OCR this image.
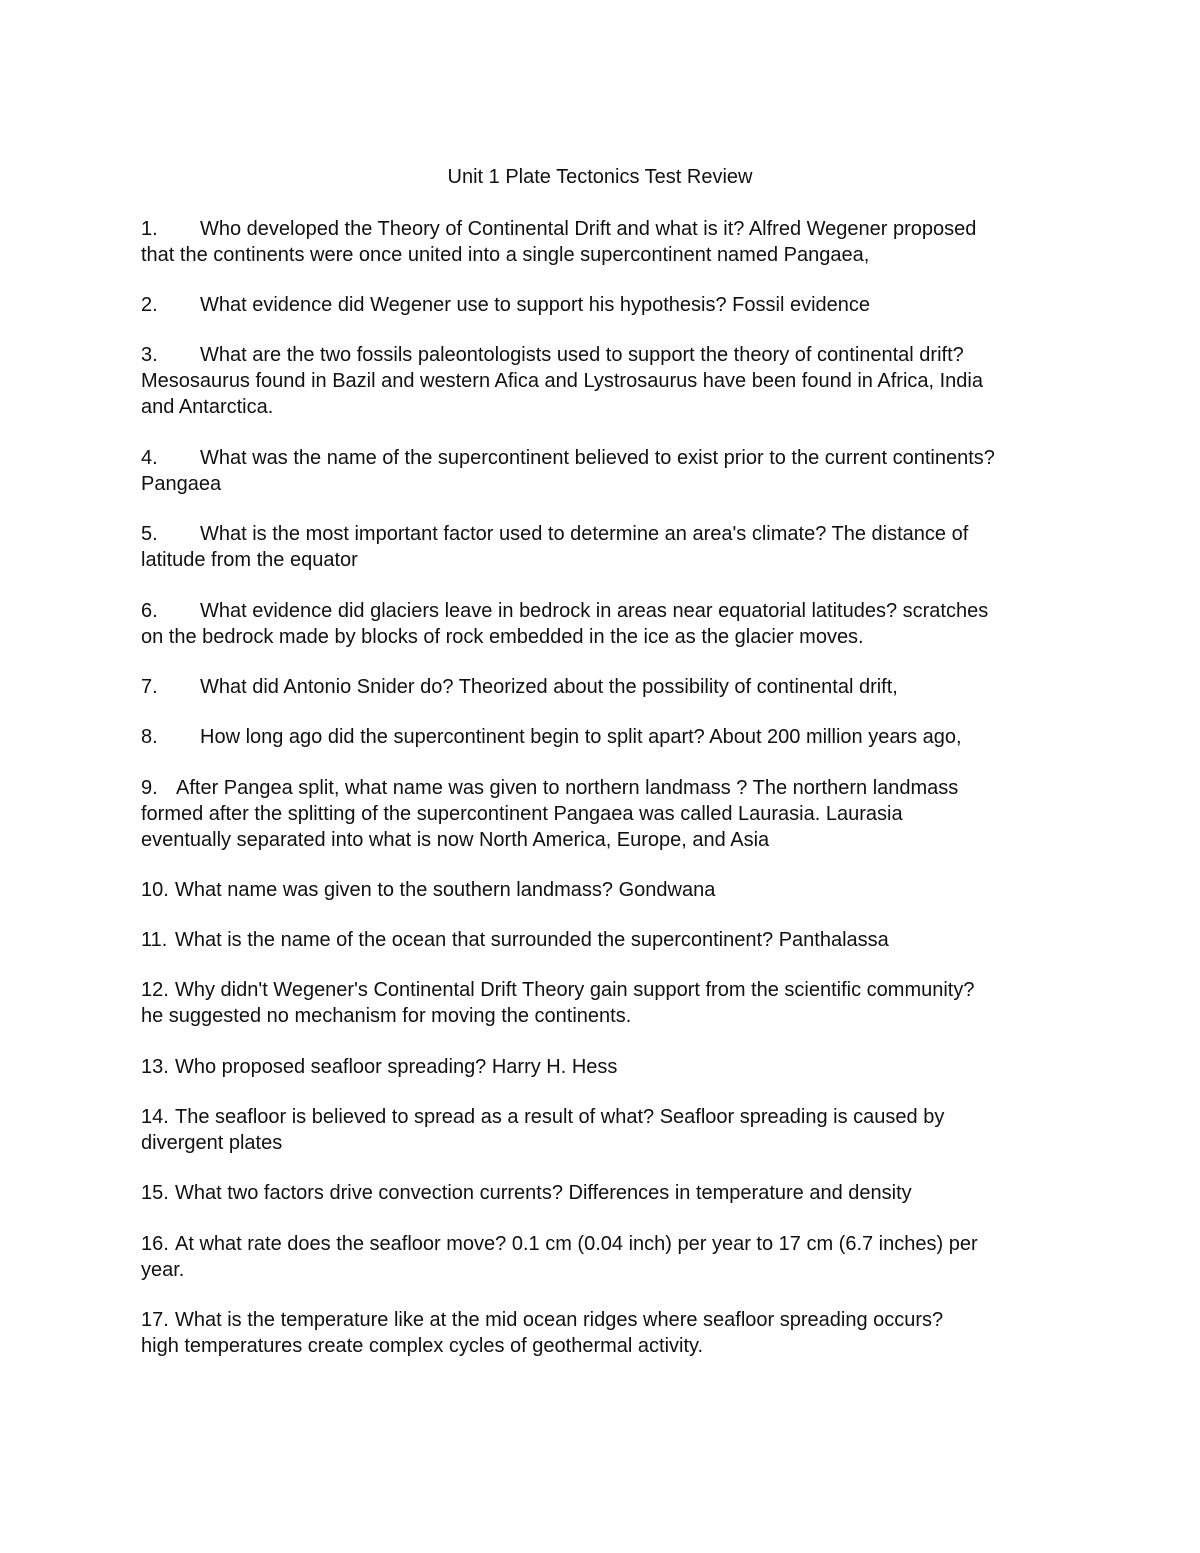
Unit 1 Plate Tectonics Test Review
1. Who developed the Theory of Continental Drift and what is it? Alfred Wegener proposed
that the continents were once united into a single supercontinent named Pangaea,
2. What evidence did Wegener use to support his hypothesis? Fossil evidence
3. What are the two fossils paleontologists used to support the theory of continental drift?
Mesosaurus found in Bazil and western Afica and Lystrosaurus have been found in Africa, India
and Antarctica.
4. What was the name of the supercontinent believed to exist prior to the current continents?
Pangaea
5. What is the most important factor used to determine an area's climate? The distance of
latitude from the equator
6. What evidence did glaciers leave in bedrock in areas near equatorial latitudes? scratches
on the bedrock made by blocks of rock embedded in the ice as the glacier moves.
7. What did Antonio Snider do? Theorized about the possibility of continental drift,
8. How long ago did the supercontinent begin to split apart? About 200 million years ago,
9. After Pangea split, what name was given to northern landmass ? The northern landmass
formed after the splitting of the supercontinent Pangaea was called Laurasia. Laurasia
eventually separated into what is now North America, Europe, and Asia
10. What name was given to the southern landmass? Gondwana
11. What is the name of the ocean that surrounded the supercontinent? Panthalassa
12. Why didn't Wegener's Continental Drift Theory gain support from the scientific community?
he suggested no mechanism for moving the continents.
13. Who proposed seafloor spreading? Harry H. Hess
14. The seafloor is believed to spread as a result of what? Seafloor spreading is caused by
divergent plates
15. What two factors drive convection currents? Differences in temperature and density
16. At what rate does the seafloor move? 0.1 cm (0.04 inch) per year to 17 cm (6.7 inches) per
year.
17. What is the temperature like at the mid ocean ridges where seafloor spreading occurs?
high temperatures create complex cycles of geothermal activity.
